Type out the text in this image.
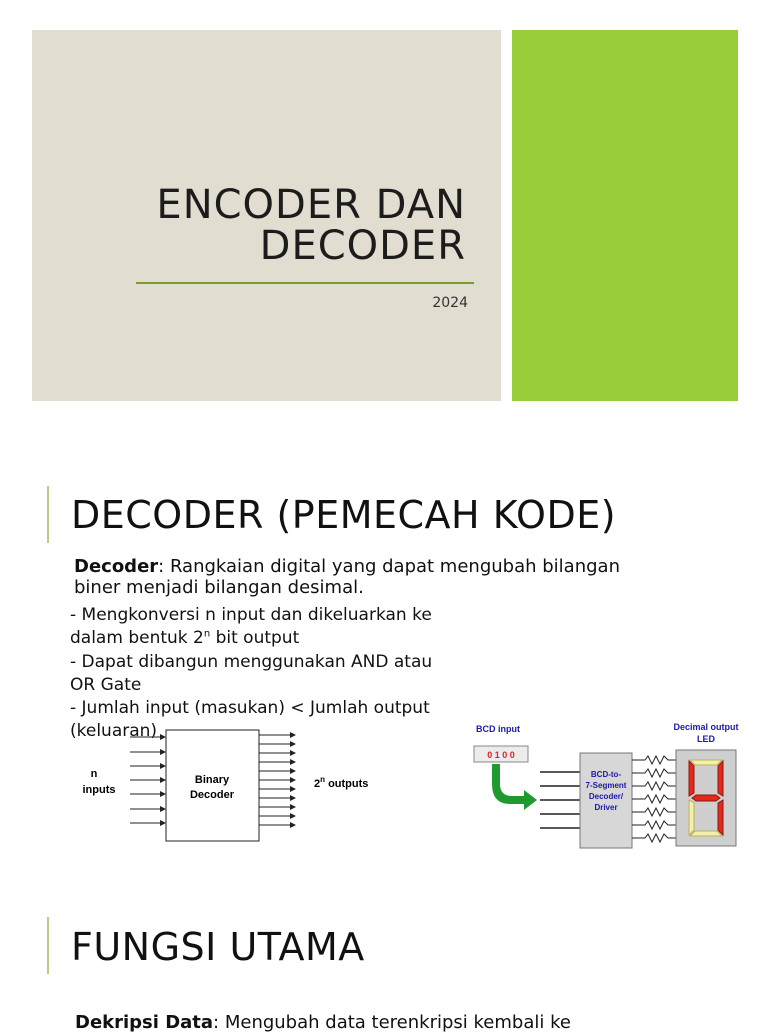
ENCODER DAN
DECODER
2024
DECODER (PEMECAH KODE)
Decoder: Rangkaian digital yang dapat mengubah bilangan biner menjadi bilangan desimal.
- Mengkonversi n input dan dikeluarkan ke
dalam bentuk 2$^n$ bit output
- Dapat dibangun menggunakan AND atau
OR Gate
- Jumlah input (masukan) < Jumlah output
(keluaran)
n
inputs
Binary
Decoder
2$^n$ outputs
BCD input
0 1 0 0
BCD-to-
7-Segment
Decoder/
Driver
Decimal output
LED
FUNGSI UTAMA
Dekripsi Data: Mengubah data terenkripsi kembali ke
